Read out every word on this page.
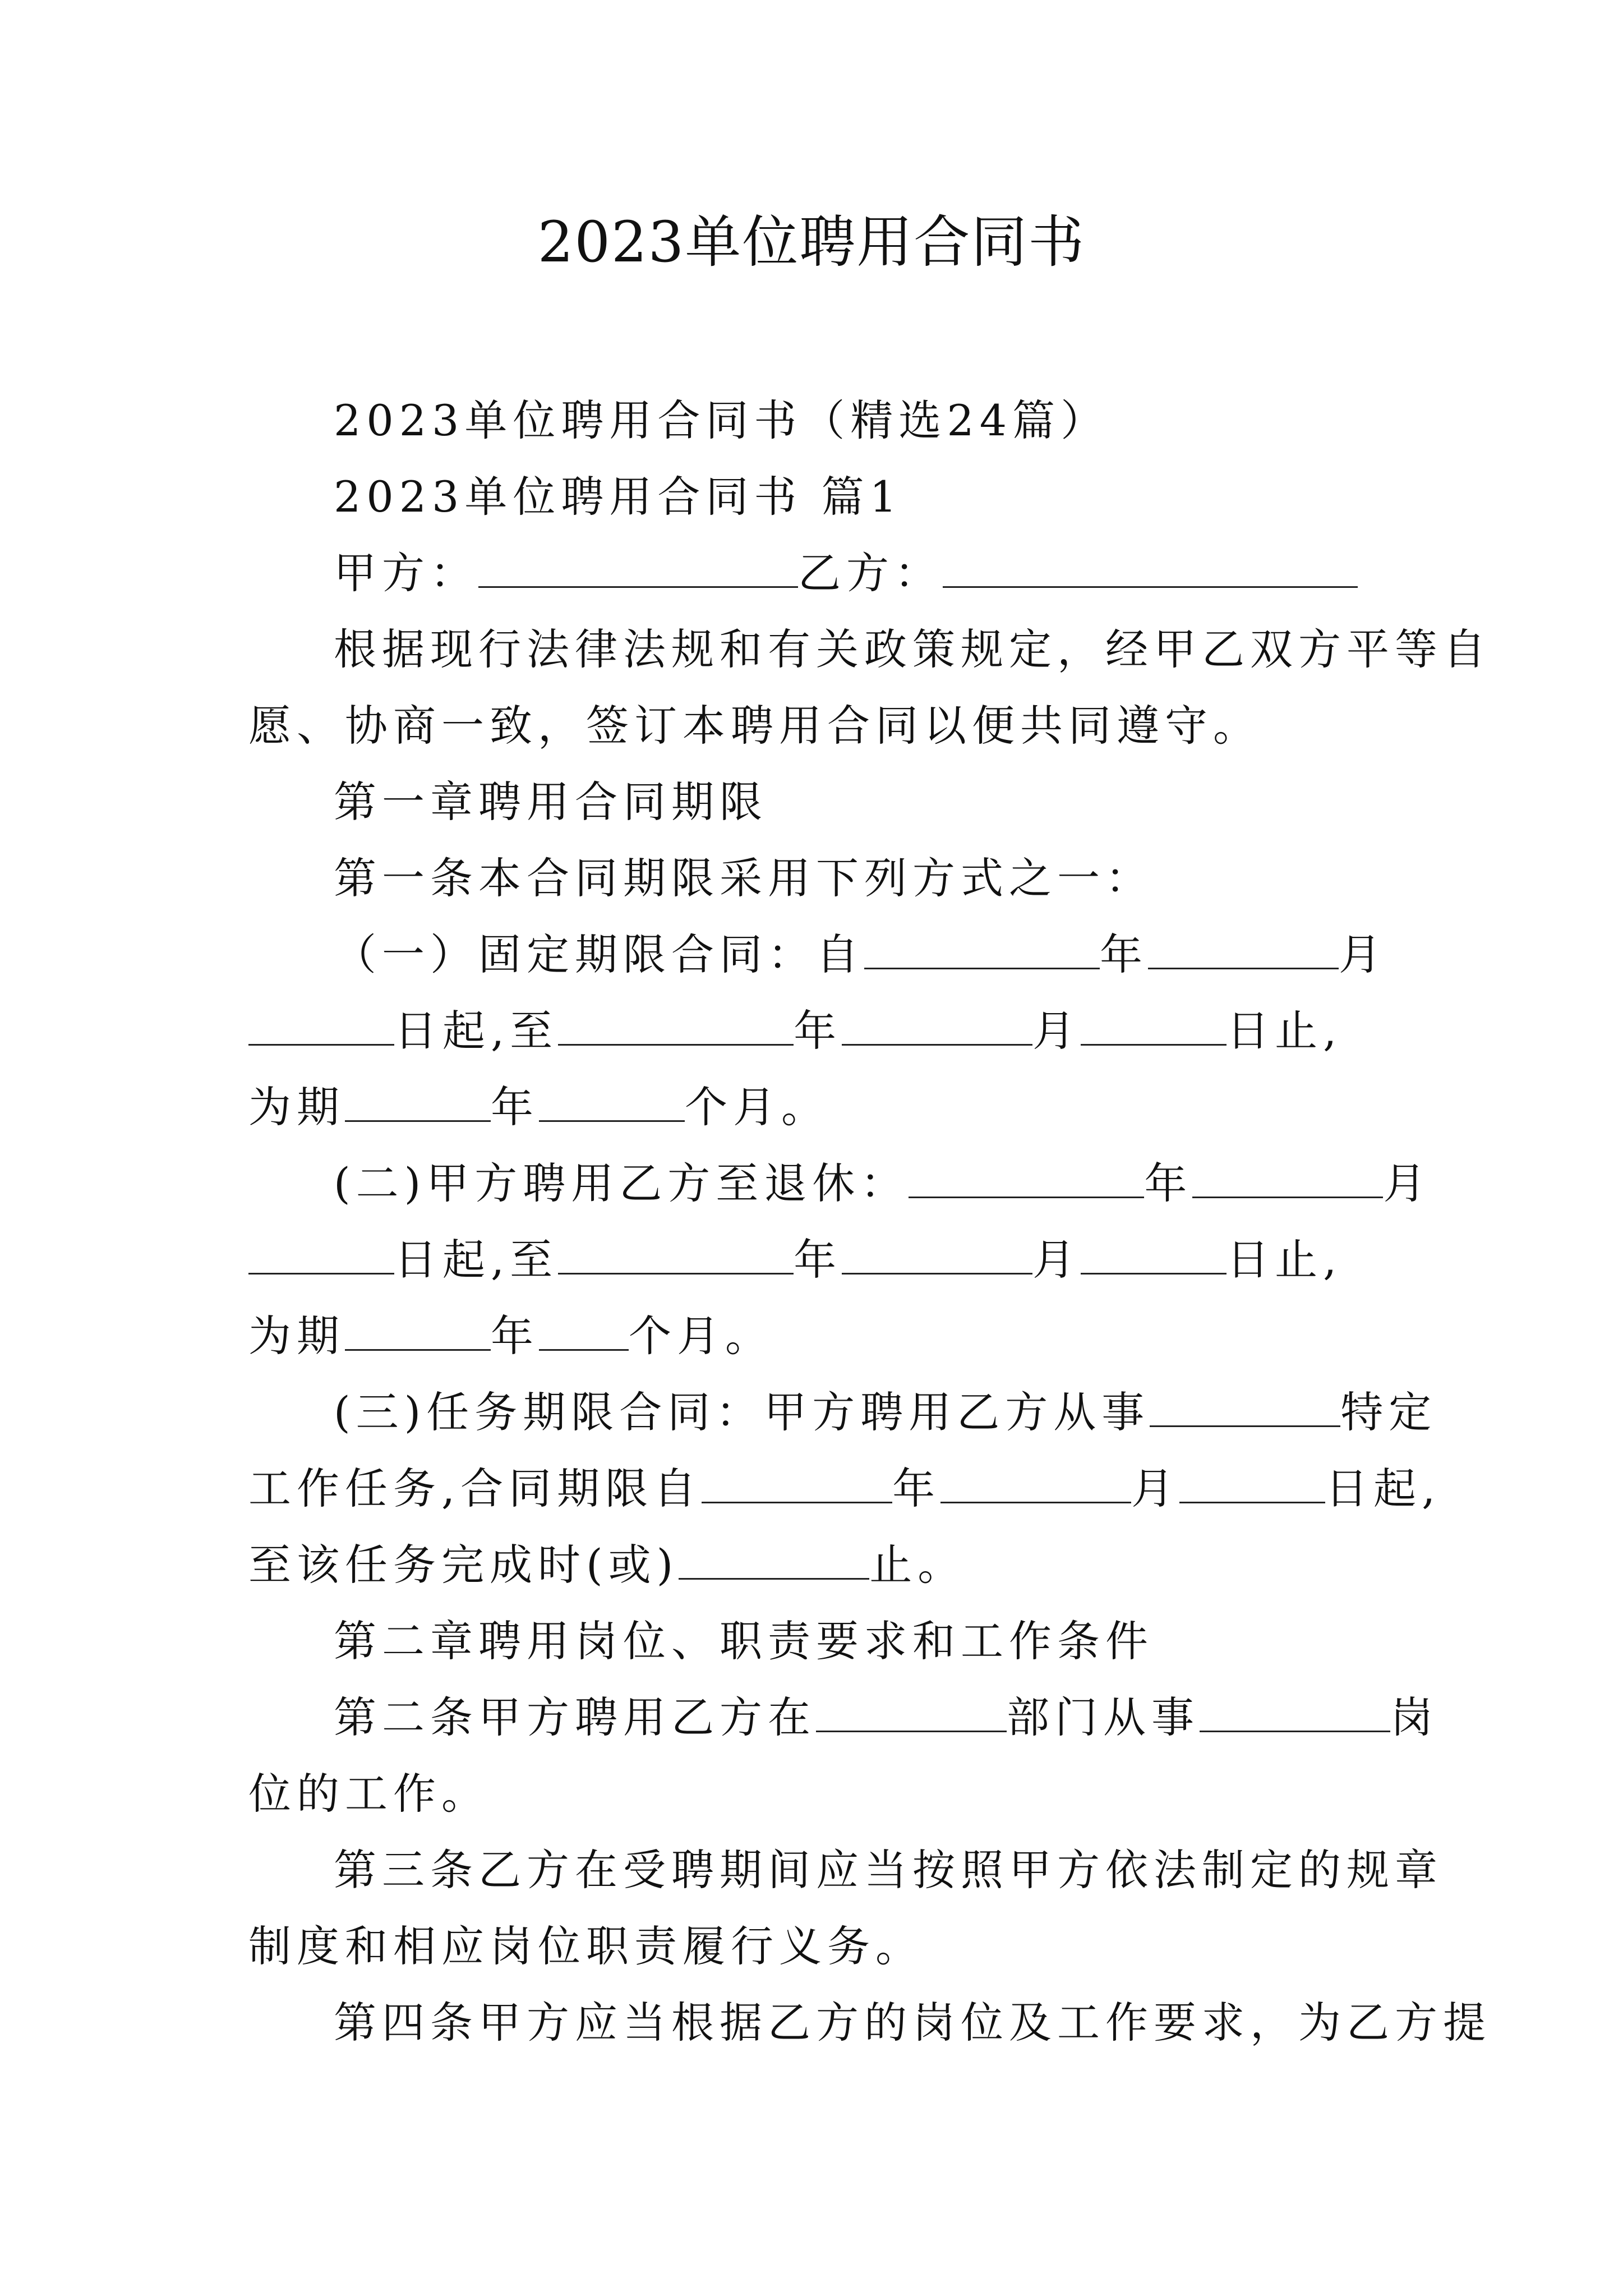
2023单位聘用合同书
2023单位聘用合同书（精选24篇）
2023单位聘用合同书 篇1
甲方：	乙方：
根据现行法律法规和有关政策规定，经甲乙双方平等自
愿、协商一致，签订本聘用合同以便共同遵守。
第一章聘用合同期限
第一条本合同期限采用下列方式之一：
（一）固定期限合同：自	年	月
日起,至	年	月	日止,
为期	年	个月。
(二)甲方聘用乙方至退休：	年	月
日起,至	年	月	日止,
为期	年 个月。
(三)任务期限合同：甲方聘用乙方从事	特定
工作任务,合同期限自	年	月	日起,
至该任务完成时(或)	止。
第二章聘用岗位、职责要求和工作条件
第二条甲方聘用乙方在	部门从事	岗
位的工作。
第三条乙方在受聘期间应当按照甲方依法制定的规章
制度和相应岗位职责履行义务。
第四条甲方应当根据乙方的岗位及工作要求，为乙方提
